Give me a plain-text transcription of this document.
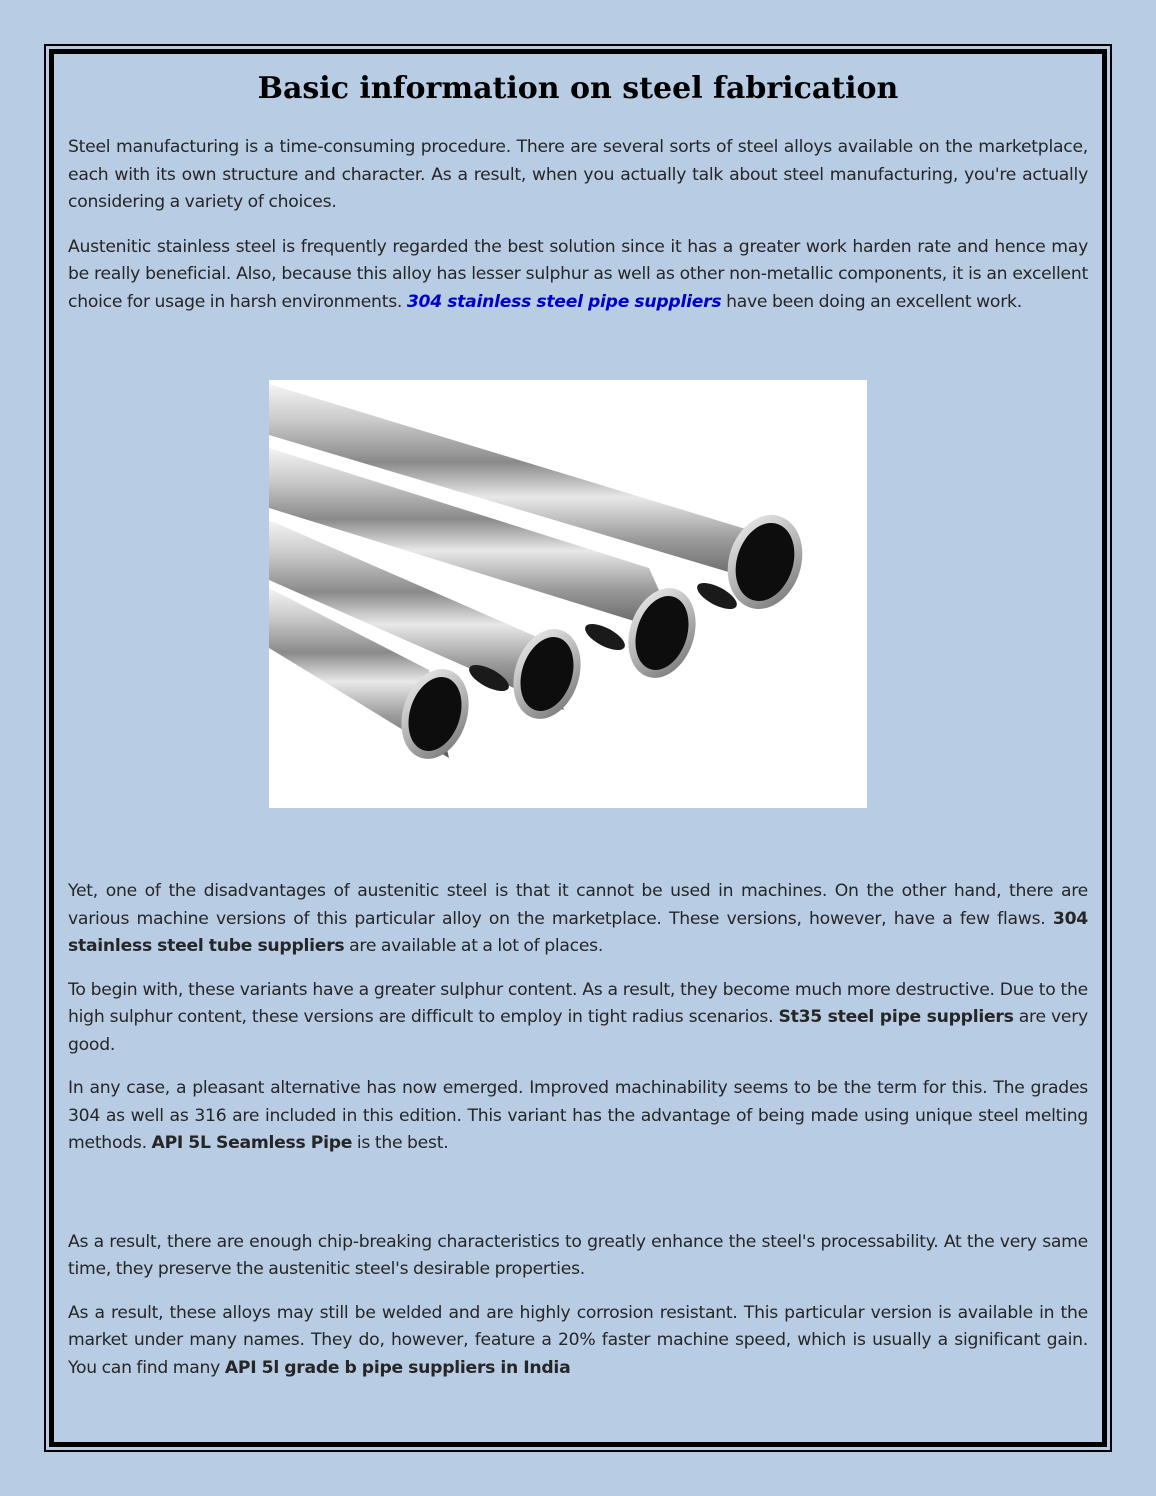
Basic information on steel fabrication

Steel manufacturing is a time-consuming procedure. There are several sorts of steel alloys available on the marketplace, each with its own structure and character. As a result, when you actually talk about steel manufacturing, you're actually considering a variety of choices.

Austenitic stainless steel is frequently regarded the best solution since it has a greater work harden rate and hence may be really beneficial. Also, because this alloy has lesser sulphur as well as other non-metallic components, it is an excellent choice for usage in harsh environments. 304 stainless steel pipe suppliers have been doing an excellent work.

Yet, one of the disadvantages of austenitic steel is that it cannot be used in machines. On the other hand, there are various machine versions of this particular alloy on the marketplace. These versions, however, have a few flaws. 304 stainless steel tube suppliers are available at a lot of places.

To begin with, these variants have a greater sulphur content. As a result, they become much more destructive. Due to the high sulphur content, these versions are difficult to employ in tight radius scenarios. St35 steel pipe suppliers are very good.

In any case, a pleasant alternative has now emerged. Improved machinability seems to be the term for this. The grades 304 as well as 316 are included in this edition. This variant has the advantage of being made using unique steel melting methods. API 5L Seamless Pipe is the best.

As a result, there are enough chip-breaking characteristics to greatly enhance the steel's processability. At the very same time, they preserve the austenitic steel's desirable properties.

As a result, these alloys may still be welded and are highly corrosion resistant. This particular version is available in the market under many names. They do, however, feature a 20% faster machine speed, which is usually a significant gain. You can find many API 5l grade b pipe suppliers in India
